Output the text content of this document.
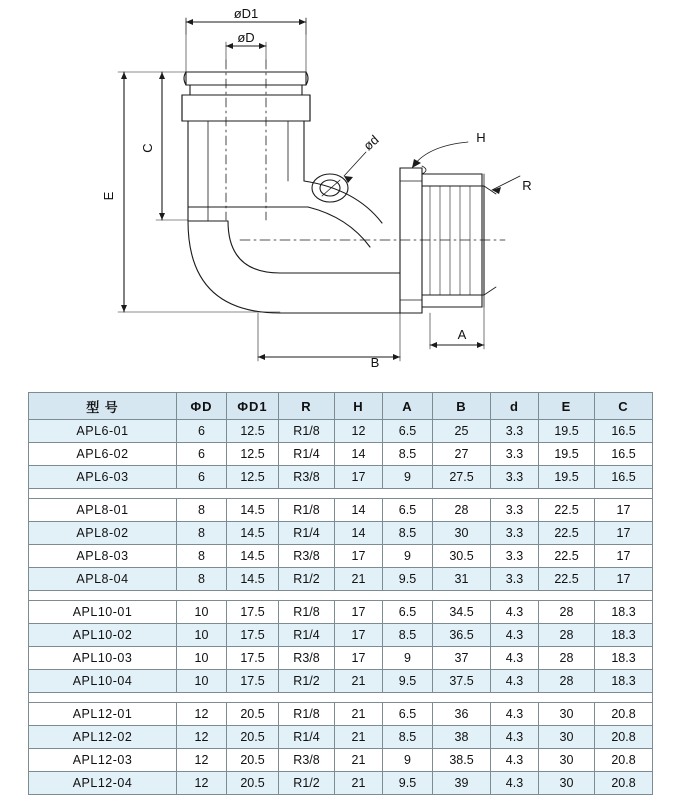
øD1
øD
E
C	ød	H
R
B
A
型 号	ΦD	ΦD1	R	H	A	B	d	E	C
APL6-01	6	12.5	R1/8	12	6.5	25	3.3	19.5	16.5
APL6-02	6	12.5	R1/4	14	8.5	27	3.3	19.5	16.5
APL6-03	6	12.5	R3/8	17	9	27.5	3.3	19.5	16.5

APL8-01	8	14.5	R1/8	14	6.5	28	3.3	22.5	17
APL8-02	8	14.5	R1/4	14	8.5	30	3.3	22.5	17
APL8-03	8	14.5	R3/8	17	9	30.5	3.3	22.5	17
APL8-04	8	14.5	R1/2	21	9.5	31	3.3	22.5	17

APL10-01	10	17.5	R1/8	17	6.5	34.5	4.3	28	18.3
APL10-02	10	17.5	R1/4	17	8.5	36.5	4.3	28	18.3
APL10-03	10	17.5	R3/8	17	9	37	4.3	28	18.3
APL10-04	10	17.5	R1/2	21	9.5	37.5	4.3	28	18.3

APL12-01	12	20.5	R1/8	21	6.5	36	4.3	30	20.8
APL12-02	12	20.5	R1/4	21	8.5	38	4.3	30	20.8
APL12-03	12	20.5	R3/8	21	9	38.5	4.3	30	20.8
APL12-04	12	20.5	R1/2	21	9.5	39	4.3	30	20.8
